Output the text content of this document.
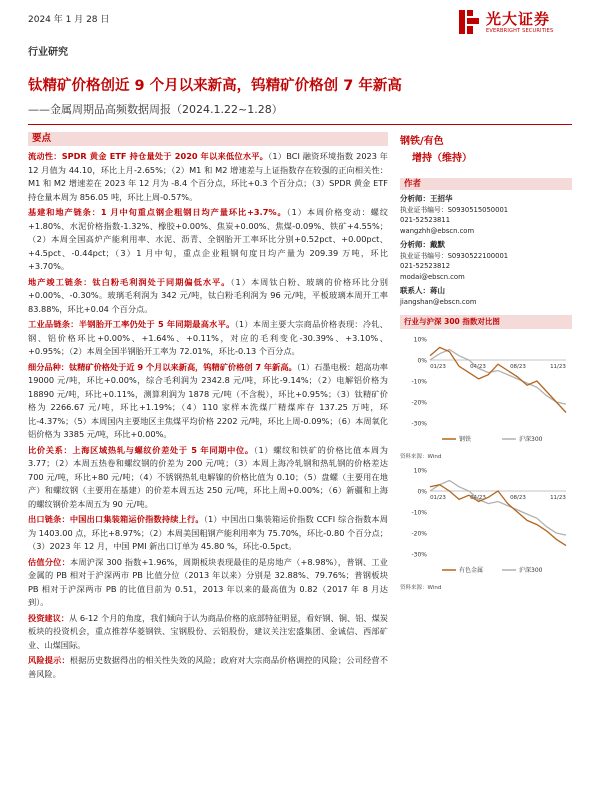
2024 年 1 月 28 日	光大证券
EVERBRIGHT SECURITIES
行业研究
钛精矿价格创近 9 个月以来新高，钨精矿价格创 7 年新高
——金属周期品高频数据周报（2024.1.22~1.28）
要点

流动性：SPDR 黄金 ETF 持仓量处于 2020 年以来低位水平。（1）BCI 融资环境指数 2023 年 12 月值为 44.10，环比上月-2.65%；（2）M1 和 M2 增速差与上证指数存在较强的正向相关性：M1 和 M2 增速差在 2023 年 12 月为 -8.4 个百分点，环比+0.3 个百分点；（3）SPDR 黄金 ETF 持仓量本周为 856.05 吨，环比上周-0.57%。

基建和地产链条：1 月中旬重点钢企粗钢日均产量环比+3.7%。（1）本周价格变动：螺纹+1.80%、水泥价格指数-1.32%、橡胶+0.00%、焦炭+0.00%、焦煤-0.09%、铁矿+4.55%；（2）本周全国高炉产能利用率、水泥、沥青、全钢胎开工率环比分别+0.52pct、+0.00pct、+4.5pct、-0.44pct；（3）1 月中旬，重点企业粗钢旬度日均产量为 209.39 万吨，环比+3.70%。

地产竣工链条：钛白粉毛利润处于同期偏低水平。（1）本周钛白粉、玻璃的价格环比分别+0.00%、-0.30%。玻璃毛利润为 342 元/吨，钛白粉毛利润为 96 元/吨，平板玻璃本周开工率 83.88%，环比+0.04 个百分点。

工业品链条：半钢胎开工率仍处于 5 年同期最高水平。（1）本周主要大宗商品价格表现：冷轧、钢、铝价格环比+0.00%、+1.64%、+0.11%，对应的毛利变化-30.39%、+3.10%、+0.95%；（2）本周全国半钢胎开工率为 72.01%，环比-0.13 个百分点。

细分品种：钛精矿价格处于近 9 个月以来新高，钨精矿价格创 7 年新高。（1）石墨电极：超高功率 19000 元/吨，环比+0.00%，综合毛利润为 2342.8 元/吨，环比-9.14%；（2）电解铝价格为 18890 元/吨，环比+0.11%，测算利润为 1878 元/吨（不含税），环比+0.95%；（3）钛精矿价格为 2266.67 元/吨，环比+1.19%；（4）110 家样本洗煤厂精煤库存 137.25 万吨，环比-4.37%；（5）本周国内主要地区主焦煤平均价格 2202 元/吨，环比上周-0.09%；（6）本周氧化铝价格为 3385 元/吨，环比+0.00%。

比价关系：上海区域热轧与螺纹价差处于 5 年同期中位。（1）螺纹和铁矿的价格比值本周为 3.77；（2）本周五热卷和螺纹钢的价差为 200 元/吨；（3）本周上海冷轧钢和热轧钢的价格差达 700 元/吨，环比+80 元/吨；（4）不锈钢热轧电解镍的价格比值为 0.10；（5）盘螺（主要用在地产）和螺纹钢（主要用在基建）的价差本周五达 250 元/吨，环比上周+0.00%；（6）新疆和上海的螺纹钢价差本周五为 90 元/吨。

出口链条：中国出口集装箱运价指数持续上行。（1）中国出口集装箱运价指数 CCFI 综合指数本周为 1403.00 点，环比+8.97%；（2）本周美国粗钢产能利用率为 75.70%，环比-0.80 个百分点；（3）2023 年 12 月，中国 PMI 新出口订单为 45.80 %，环比-0.5pct。

估值分位：本周沪深 300 指数+1.96%，周期板块表现最佳的是房地产（+8.98%），普钢、工业金属的 PB 相对于沪深两市 PB 比值分位（2013 年以来）分别是 32.88%、79.76%；普钢板块 PB 相对于沪深两市 PB 的比值目前为 0.51，2013 年以来的最高值为 0.82（2017 年 8 月达到）。

投资建议：从 6-12 个月的角度，我们倾向于认为商品价格的底部特征明显，看好钢、铜、铝、煤炭板块的投资机会，重点推荐华菱钢铁、宝钢股份、云铝股份，建议关注宏盛集团、金诚信、西部矿业、山煤国际。

风险提示：根据历史数据得出的相关性失效的风险；政府对大宗商品价格调控的风险；公司经营不善风险。

钢铁/有色
增持（维持）
作者
分析师：王招华
执业证书编号：S0930515050001
021-52523811
wangzhh@ebscn.com
分析师：戴默
执业证书编号：S0930522100001
021-52523812
modai@ebscn.com
联系人：蒋山
jiangshan@ebscn.com
行业与沪深 300 指数对比图
10%
0%
-10%
-20%
-30%
01/23	04/23	08/23	11/23
钢铁	沪深300
资料来源：Wind
10%
0%
-10%
-20%
-30%
01/23	04/23	08/23	11/23
有色金属	沪深300
资料来源：Wind
